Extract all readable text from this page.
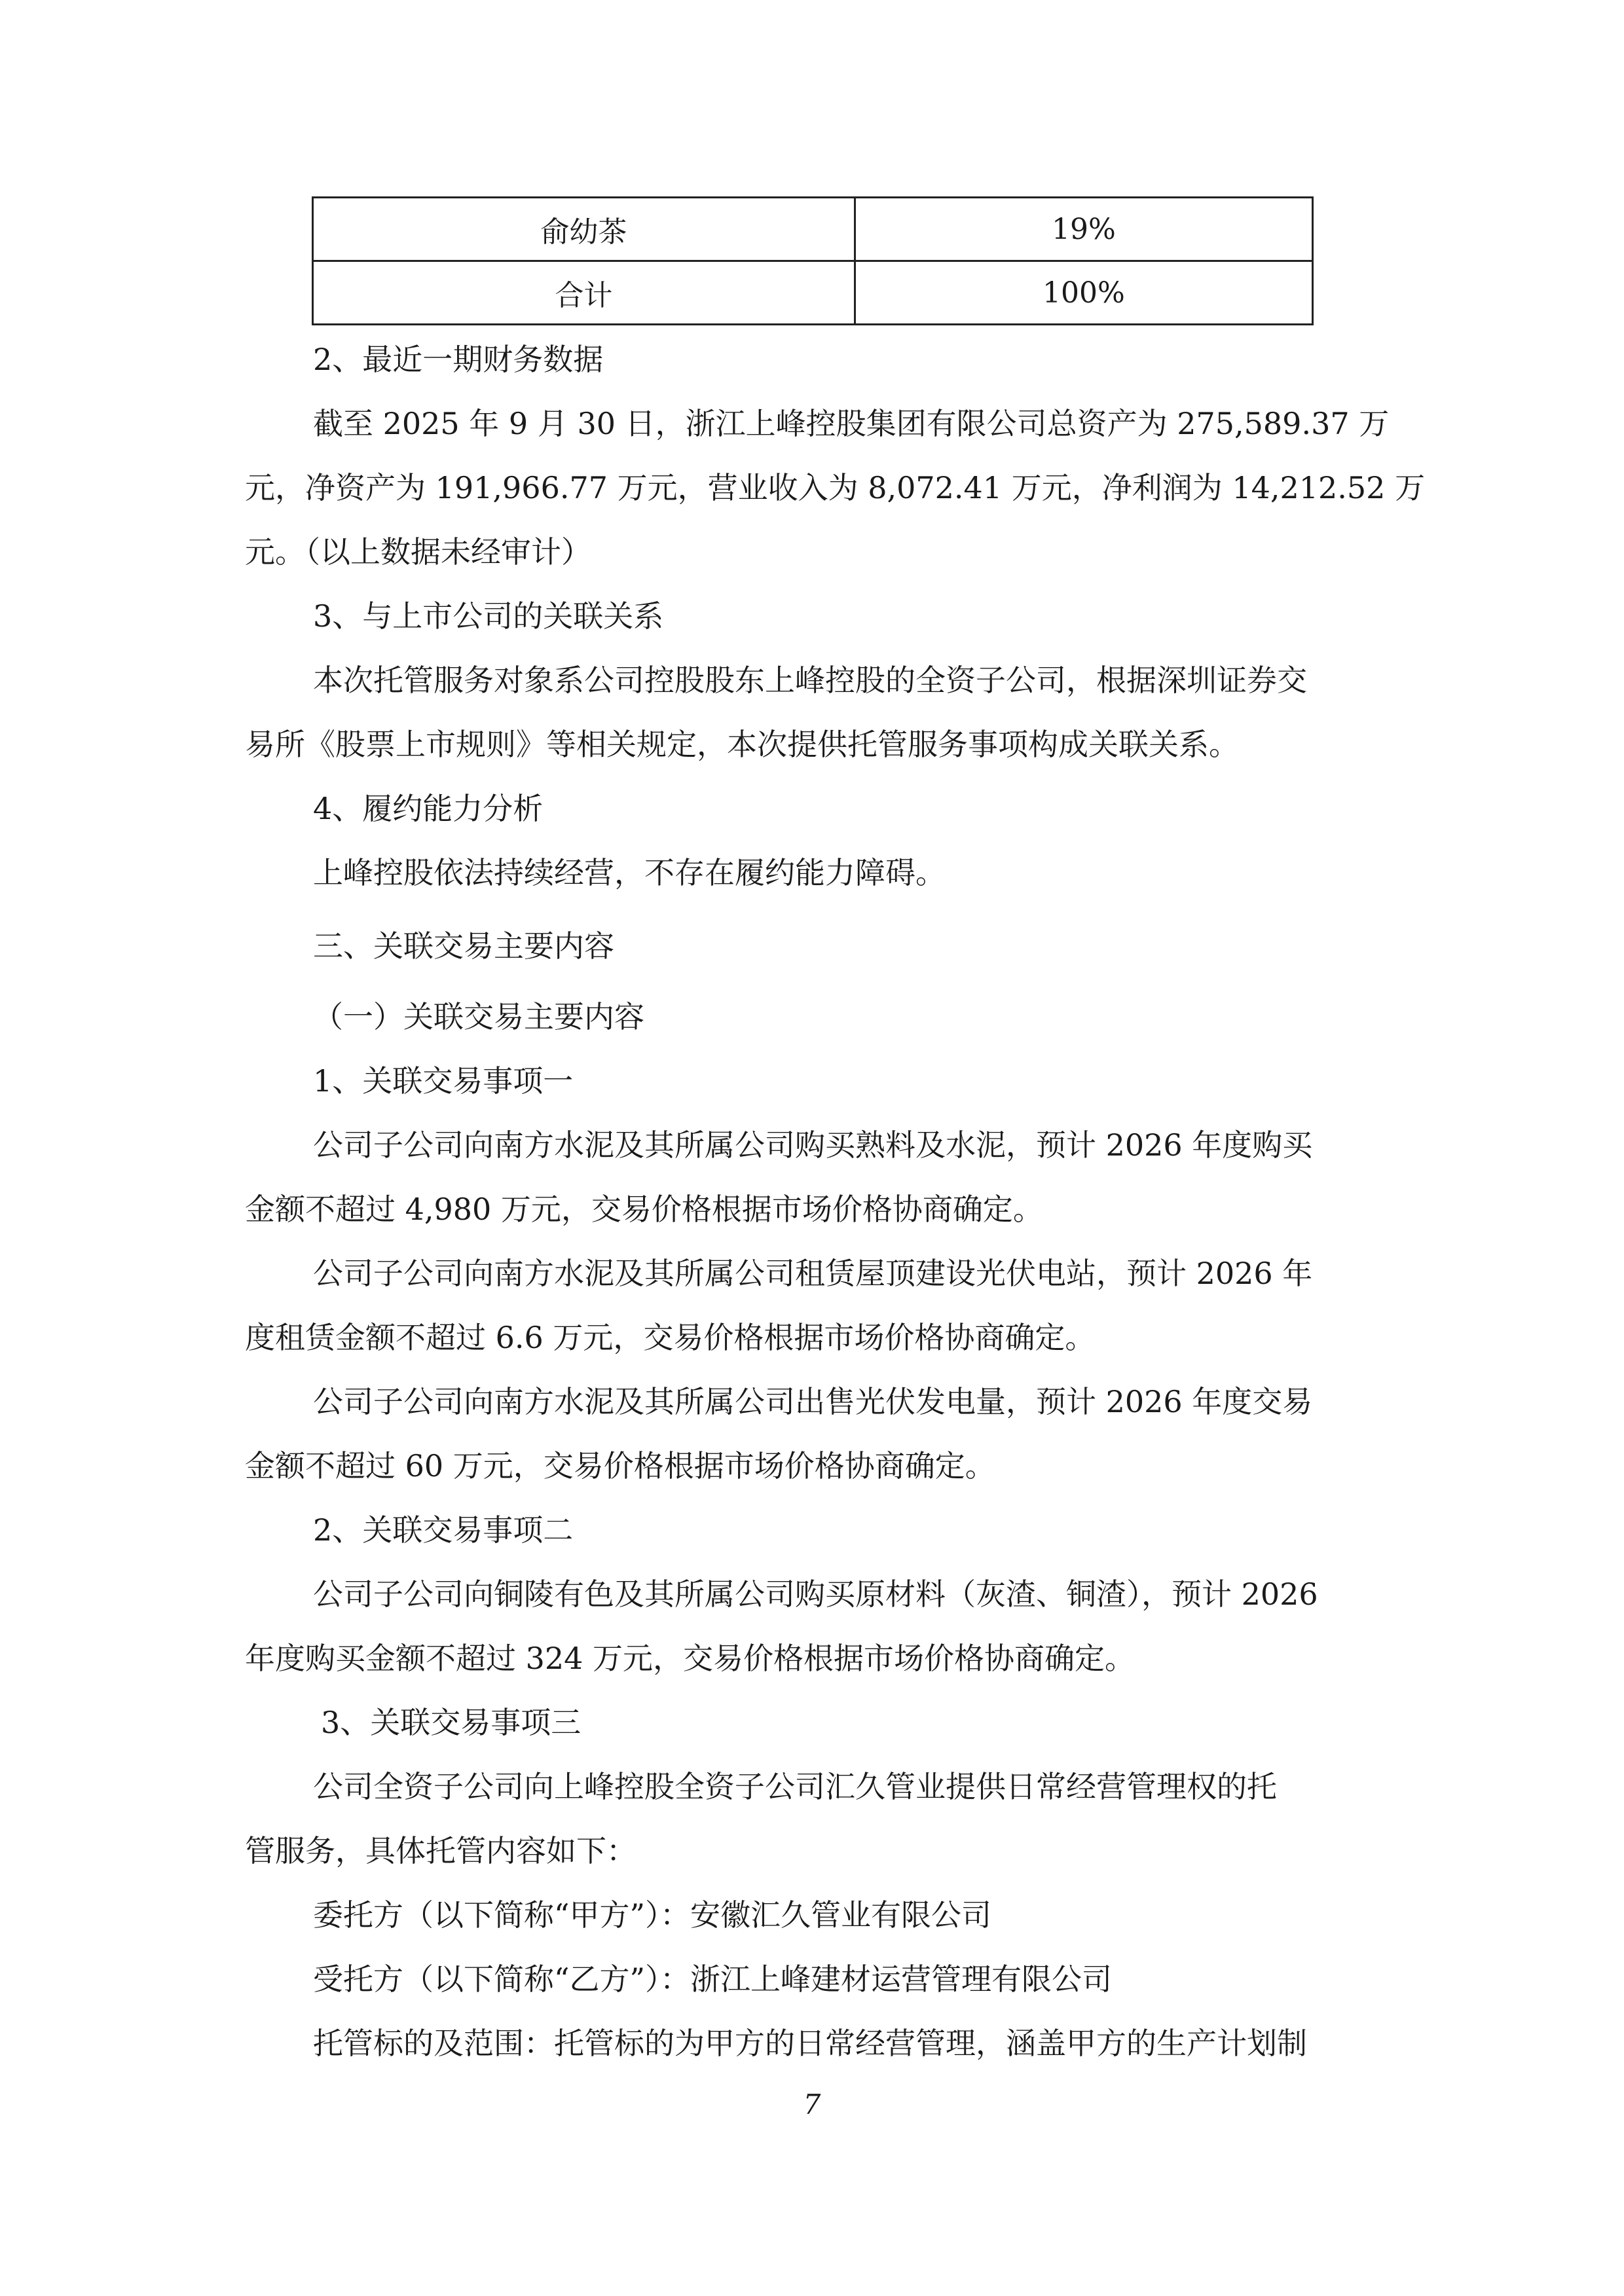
俞幼茶	19%
合计	100%

2、最近一期财务数据

截至 2025 年 9 月 30 日，浙江上峰控股集团有限公司总资产为 275,589.37 万

元，净资产为 191,966.77 万元，营业收入为 8,072.41 万元，净利润为 14,212.52 万

元。（以上数据未经审计）

3、与上市公司的关联关系

本次托管服务对象系公司控股股东上峰控股的全资子公司，根据深圳证券交

易所《股票上市规则》等相关规定，本次提供托管服务事项构成关联关系。

4、履约能力分析

上峰控股依法持续经营，不存在履约能力障碍。

三、关联交易主要内容

（一）关联交易主要内容

1、关联交易事项一

公司子公司向南方水泥及其所属公司购买熟料及水泥，预计 2026 年度购买

金额不超过 4,980 万元，交易价格根据市场价格协商确定。

公司子公司向南方水泥及其所属公司租赁屋顶建设光伏电站，预计 2026 年

度租赁金额不超过 6.6 万元，交易价格根据市场价格协商确定。

公司子公司向南方水泥及其所属公司出售光伏发电量，预计 2026 年度交易

金额不超过 60 万元，交易价格根据市场价格协商确定。

2、关联交易事项二

公司子公司向铜陵有色及其所属公司购买原材料（灰渣、铜渣），预计 2026

年度购买金额不超过 324 万元，交易价格根据市场价格协商确定。

3、关联交易事项三

公司全资子公司向上峰控股全资子公司汇久管业提供日常经营管理权的托

管服务，具体托管内容如下：

委托方（以下简称“甲方”）：安徽汇久管业有限公司

受托方（以下简称“乙方”）：浙江上峰建材运营管理有限公司

托管标的及范围：托管标的为甲方的日常经营管理，涵盖甲方的生产计划制

7
